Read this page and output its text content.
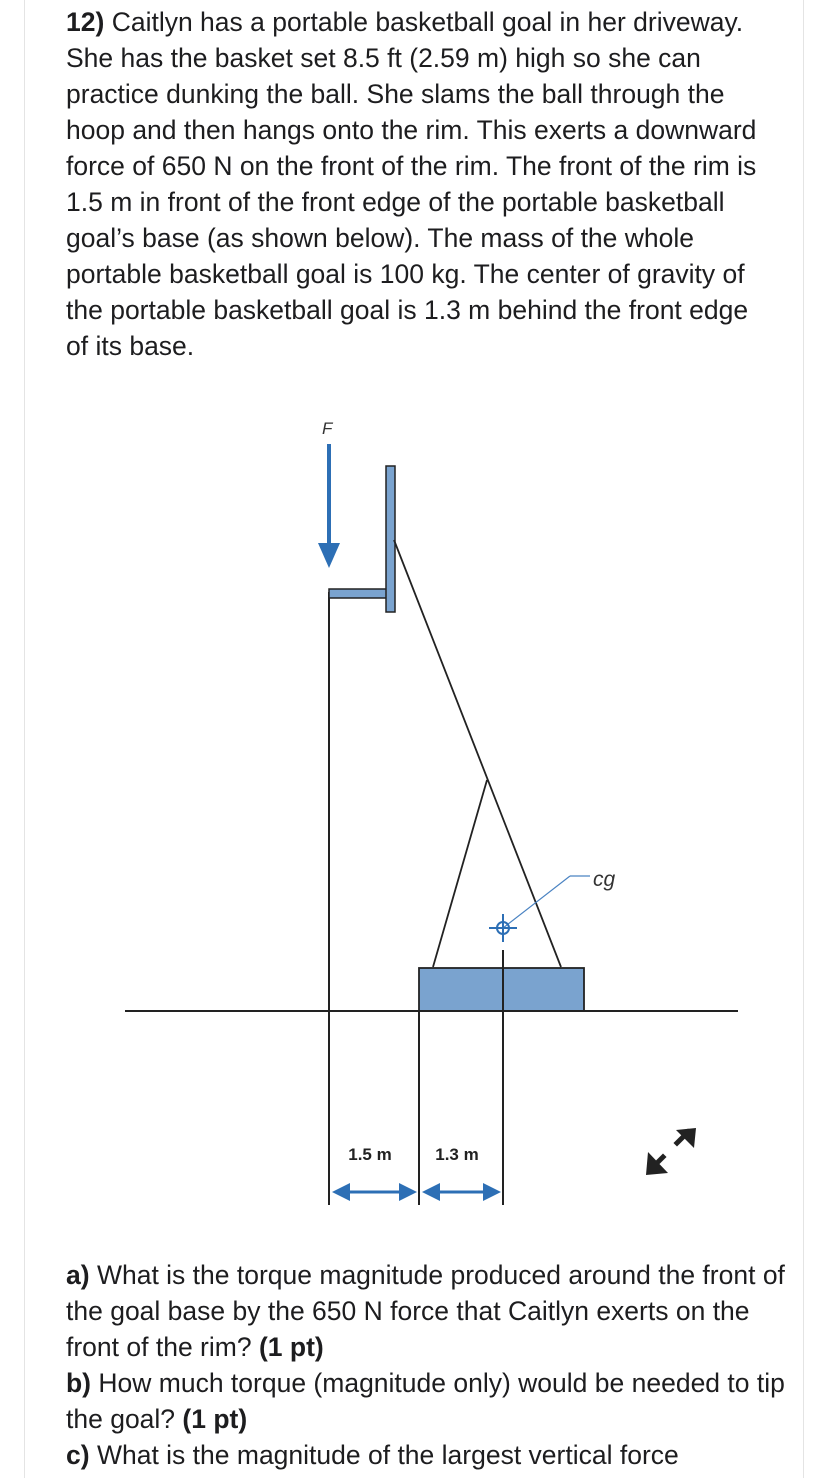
12) Caitlyn has a portable basketball goal in her driveway. She has the basket set 8.5 ft (2.59 m) high so she can practice dunking the ball. She slams the ball through the hoop and then hangs onto the rim. This exerts a downward force of 650 N on the front of the rim. The front of the rim is 1.5 m in front of the front edge of the portable basketball goal’s base (as shown below). The mass of the whole portable basketball goal is 100 kg. The center of gravity of the portable basketball goal is 1.3 m behind the front edge of its base.

F
cg
1.5 m	1.3 m

a) What is the torque magnitude produced around the front of the goal base by the 650 N force that Caitlyn exerts on the front of the rim? (1 pt)

b) How much torque (magnitude only) would be needed to tip the goal? (1 pt)

c) What is the magnitude of the largest vertical force
